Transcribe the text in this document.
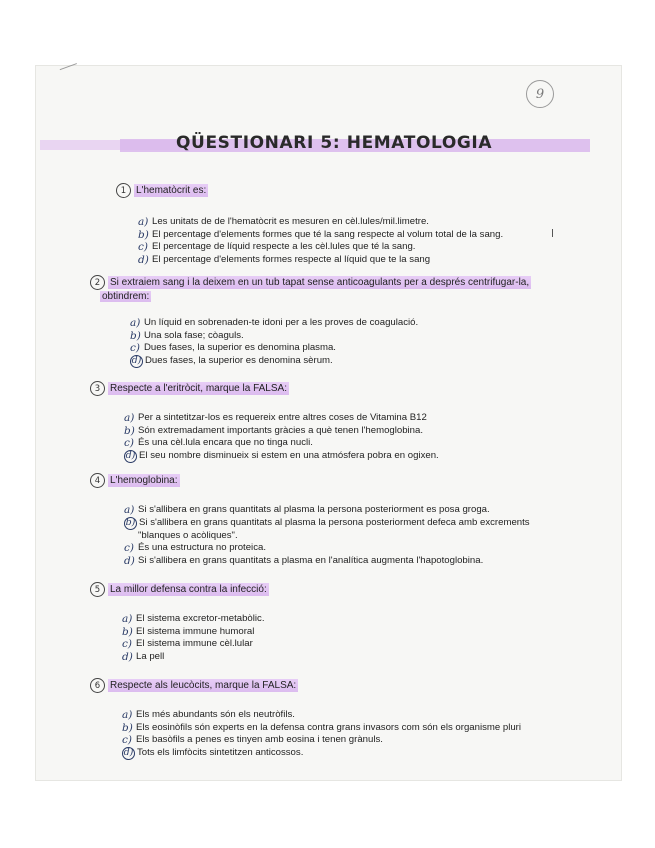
9
QÜESTIONARI 5: HEMATOLOGIA
1 L'hematòcrit es:
a) Les unitats de de l'hematòcrit es mesuren en cèl.lules/mil.limetre.
b) El percentage d'elements formes que té la sang respecte al volum total de la sang.
c) El percentage de líquid respecte a les cèl.lules que té la sang.
d) El percentage d'elements formes respecte al líquid que te la sang
2 Si extraiem sang i la deixem en un tub tapat sense anticoagulants per a després centrifugar-la,
obtindrem:
a) Un líquid en sobrenaden-te idoni per a les proves de coagulació.
b) Una sola fase; còaguls.
c) Dues fases, la superior es denomina plasma.
d) Dues fases, la superior es denomina sèrum.
3 Respecte a l'eritròcit, marque la FALSA:
a) Per a sintetitzar-los es requereix entre altres coses de Vitamina B12
b) Són extremadament importants gràcies a què tenen l'hemoglobina.
c) És una cèl.lula encara que no tinga nucli.
d) El seu nombre disminueix si estem en una atmósfera pobra en ogixen.
4 L'hemoglobina:
a) Si s'allibera en grans quantitats al plasma la persona posteriorment es posa groga.
b) Si s'allibera en grans quantitats al plasma la persona posteriorment defeca amb excrements
"blanques o acòliques".
c) És una estructura no proteica.
d) Si s'allibera en grans quantitats a plasma en l'analítica augmenta l'hapotoglobina.
5 La millor defensa contra la infecció:
a) El sistema excretor-metabòlic.
b) El sistema immune humoral
c) El sistema immune cèl.lular
d) La pell
6 Respecte als leucòcits, marque la FALSA:
a) Els més abundants són els neutròfils.
b) Els eosinòfils són experts en la defensa contra grans invasors com són els organisme pluri
c) Els basòfils a penes es tinyen amb eosina i tenen grànuls.
d) Tots els limfòcits sintetitzen anticossos.
